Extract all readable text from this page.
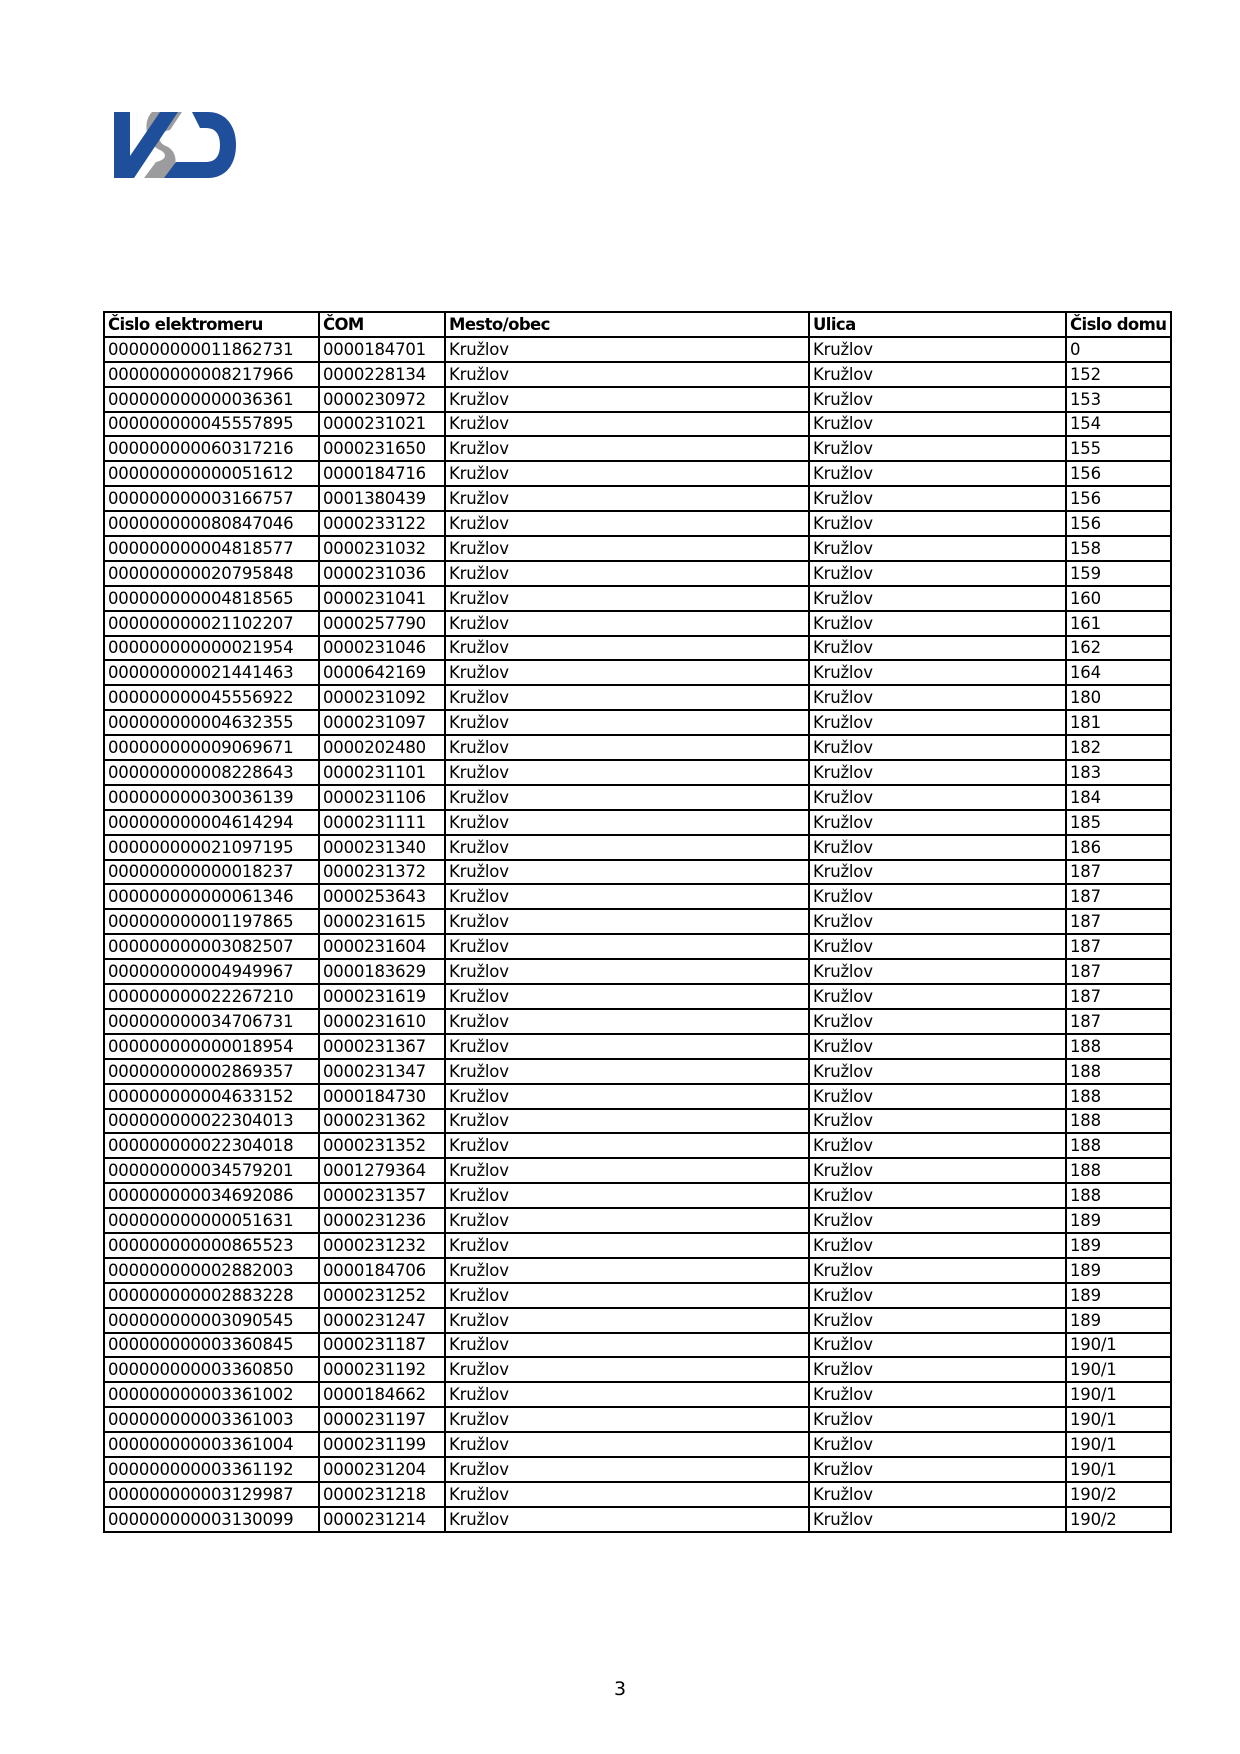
Čislo elektromeru	ČOM	Mesto/obec	Ulica	Čislo domu
000000000011862731	0000184701	Kružlov	Kružlov	0
000000000008217966	0000228134	Kružlov	Kružlov	152
000000000000036361	0000230972	Kružlov	Kružlov	153
000000000045557895	0000231021	Kružlov	Kružlov	154
000000000060317216	0000231650	Kružlov	Kružlov	155
000000000000051612	0000184716	Kružlov	Kružlov	156
000000000003166757	0001380439	Kružlov	Kružlov	156
000000000080847046	0000233122	Kružlov	Kružlov	156
000000000004818577	0000231032	Kružlov	Kružlov	158
000000000020795848	0000231036	Kružlov	Kružlov	159
000000000004818565	0000231041	Kružlov	Kružlov	160
000000000021102207	0000257790	Kružlov	Kružlov	161
000000000000021954	0000231046	Kružlov	Kružlov	162
000000000021441463	0000642169	Kružlov	Kružlov	164
000000000045556922	0000231092	Kružlov	Kružlov	180
000000000004632355	0000231097	Kružlov	Kružlov	181
000000000009069671	0000202480	Kružlov	Kružlov	182
000000000008228643	0000231101	Kružlov	Kružlov	183
000000000030036139	0000231106	Kružlov	Kružlov	184
000000000004614294	0000231111	Kružlov	Kružlov	185
000000000021097195	0000231340	Kružlov	Kružlov	186
000000000000018237	0000231372	Kružlov	Kružlov	187
000000000000061346	0000253643	Kružlov	Kružlov	187
000000000001197865	0000231615	Kružlov	Kružlov	187
000000000003082507	0000231604	Kružlov	Kružlov	187
000000000004949967	0000183629	Kružlov	Kružlov	187
000000000022267210	0000231619	Kružlov	Kružlov	187
000000000034706731	0000231610	Kružlov	Kružlov	187
000000000000018954	0000231367	Kružlov	Kružlov	188
000000000002869357	0000231347	Kružlov	Kružlov	188
000000000004633152	0000184730	Kružlov	Kružlov	188
000000000022304013	0000231362	Kružlov	Kružlov	188
000000000022304018	0000231352	Kružlov	Kružlov	188
000000000034579201	0001279364	Kružlov	Kružlov	188
000000000034692086	0000231357	Kružlov	Kružlov	188
000000000000051631	0000231236	Kružlov	Kružlov	189
000000000000865523	0000231232	Kružlov	Kružlov	189
000000000002882003	0000184706	Kružlov	Kružlov	189
000000000002883228	0000231252	Kružlov	Kružlov	189
000000000003090545	0000231247	Kružlov	Kružlov	189
000000000003360845	0000231187	Kružlov	Kružlov	190/1
000000000003360850	0000231192	Kružlov	Kružlov	190/1
000000000003361002	0000184662	Kružlov	Kružlov	190/1
000000000003361003	0000231197	Kružlov	Kružlov	190/1
000000000003361004	0000231199	Kružlov	Kružlov	190/1
000000000003361192	0000231204	Kružlov	Kružlov	190/1
000000000003129987	0000231218	Kružlov	Kružlov	190/2
000000000003130099	0000231214	Kružlov	Kružlov	190/2
3
